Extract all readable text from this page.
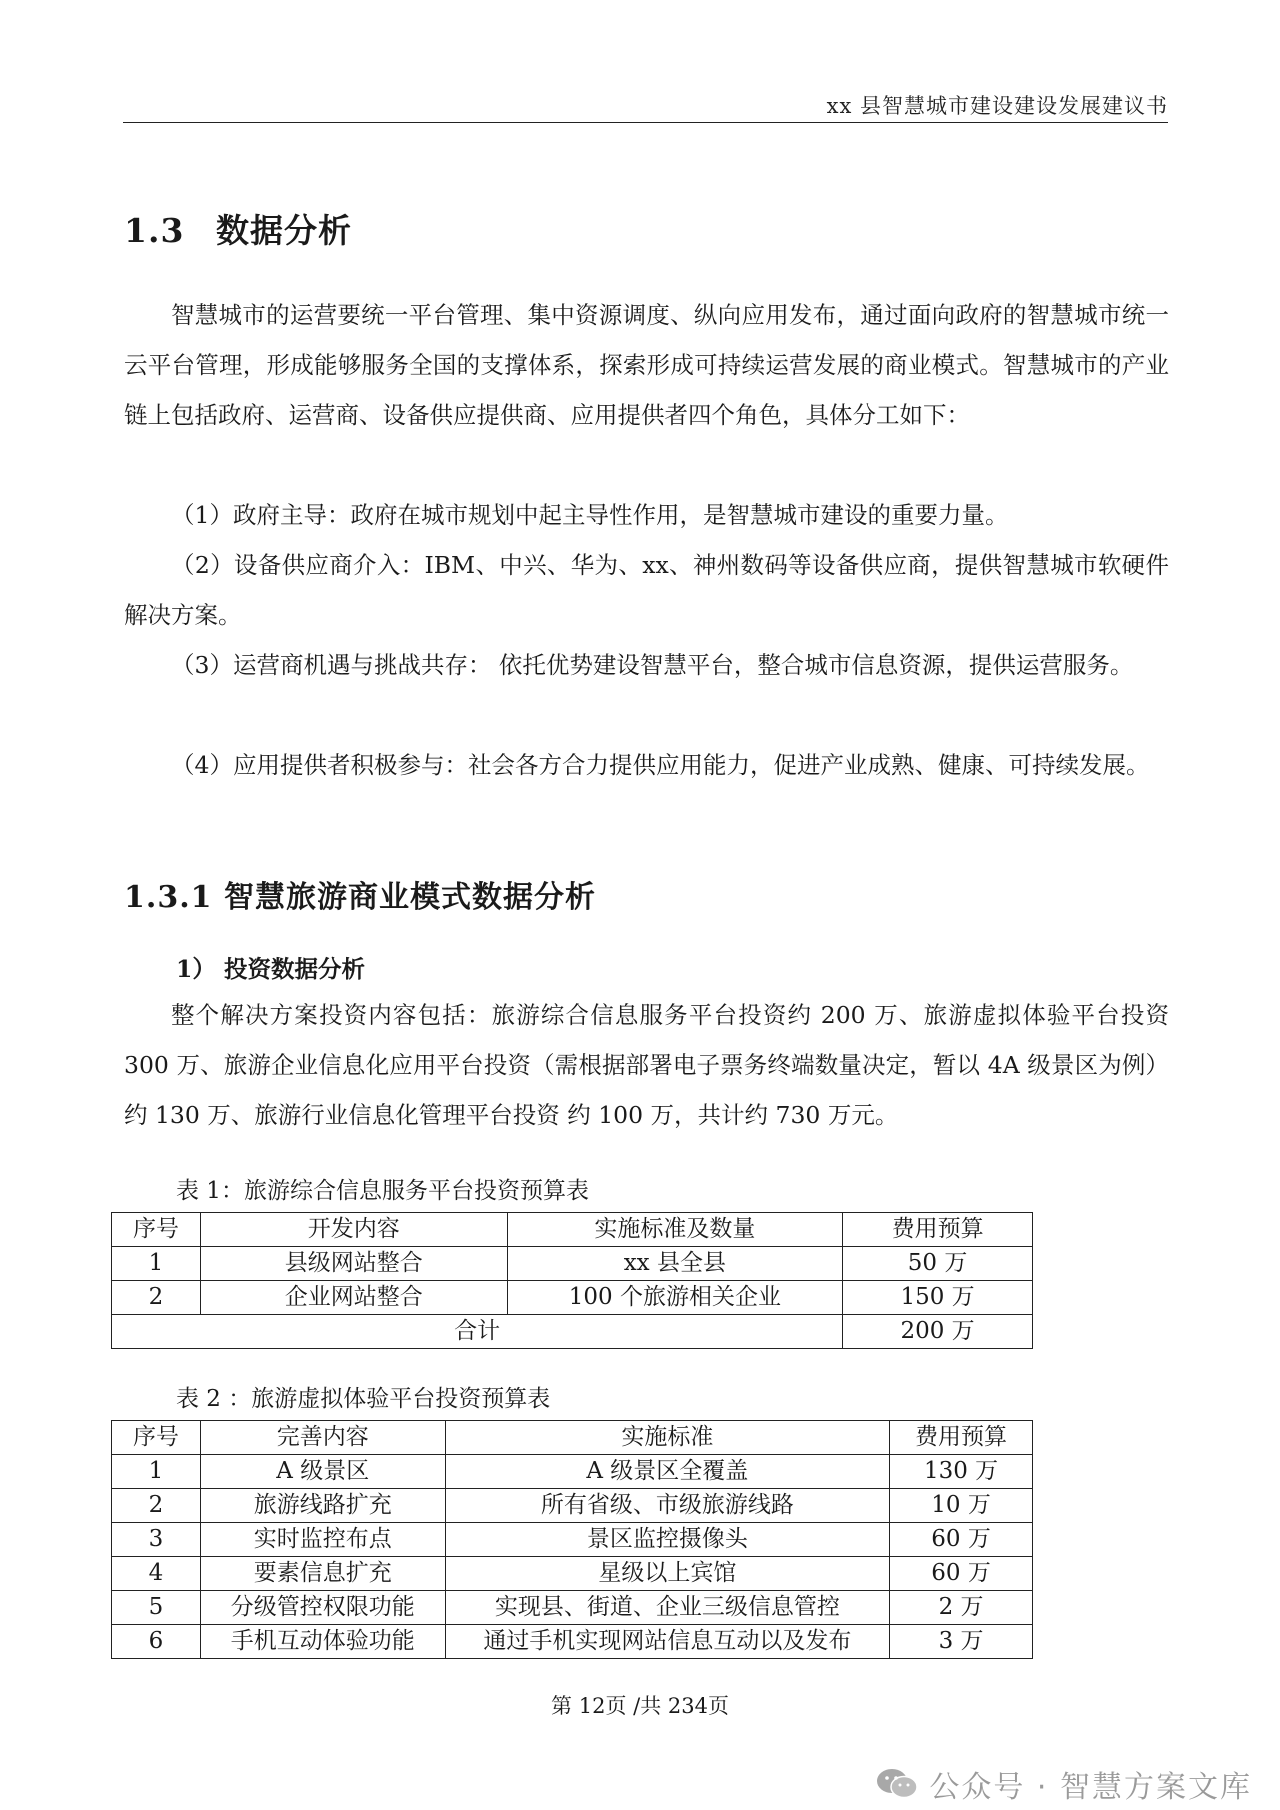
xx 县智慧城市建设建设发展建议书
1.3 数据分析

智慧城市的运营要统一平台管理、集中资源调度、纵向应用发布，通过面向政府的智慧城市统一云平台管理，形成能够服务全国的支撑体系，探索形成可持续运营发展的商业模式。智慧城市的产业链上包括政府、运营商、设备供应提供商、应用提供者四个角色，具体分工如下：

（1）政府主导：政府在城市规划中起主导性作用，是智慧城市建设的重要力量。

（2）设备供应商介入：IBM、中兴、华为、xx、神州数码等设备供应商，提供智慧城市软硬件解决方案。

（3）运营商机遇与挑战共存： 依托优势建设智慧平台，整合城市信息资源，提供运营服务。

（4）应用提供者积极参与：社会各方合力提供应用能力，促进产业成熟、健康、可持续发展。

1.3.1 智慧旅游商业模式数据分析
1） 投资数据分析

整个解决方案投资内容包括：旅游综合信息服务平台投资约 200 万、旅游虚拟体验平台投资 300 万、旅游企业信息化应用平台投资（需根据部署电子票务终端数量决定，暂以 4A 级景区为例）约 130 万、旅游行业信息化管理平台投资 约 100 万，共计约 730 万元。

表 1：旅游综合信息服务平台投资预算表
序号	开发内容	实施标准及数量	费用预算
1	县级网站整合	xx 县全县	50 万
2	企业网站整合	100 个旅游相关企业	150 万
合计			200 万
表 2 ：旅游虚拟体验平台投资预算表
序号	完善内容	实施标准	费用预算
1	A 级景区	A 级景区全覆盖	130 万
2	旅游线路扩充	所有省级、市级旅游线路	10 万
3	实时监控布点	景区监控摄像头	60 万
4	要素信息扩充	星级以上宾馆	60 万
5	分级管控权限功能	实现县、街道、企业三级信息管控	2 万
6	手机互动体验功能	通过手机实现网站信息互动以及发布	3 万
第 12页 /共 234页
公众号 · 智慧方案文库
